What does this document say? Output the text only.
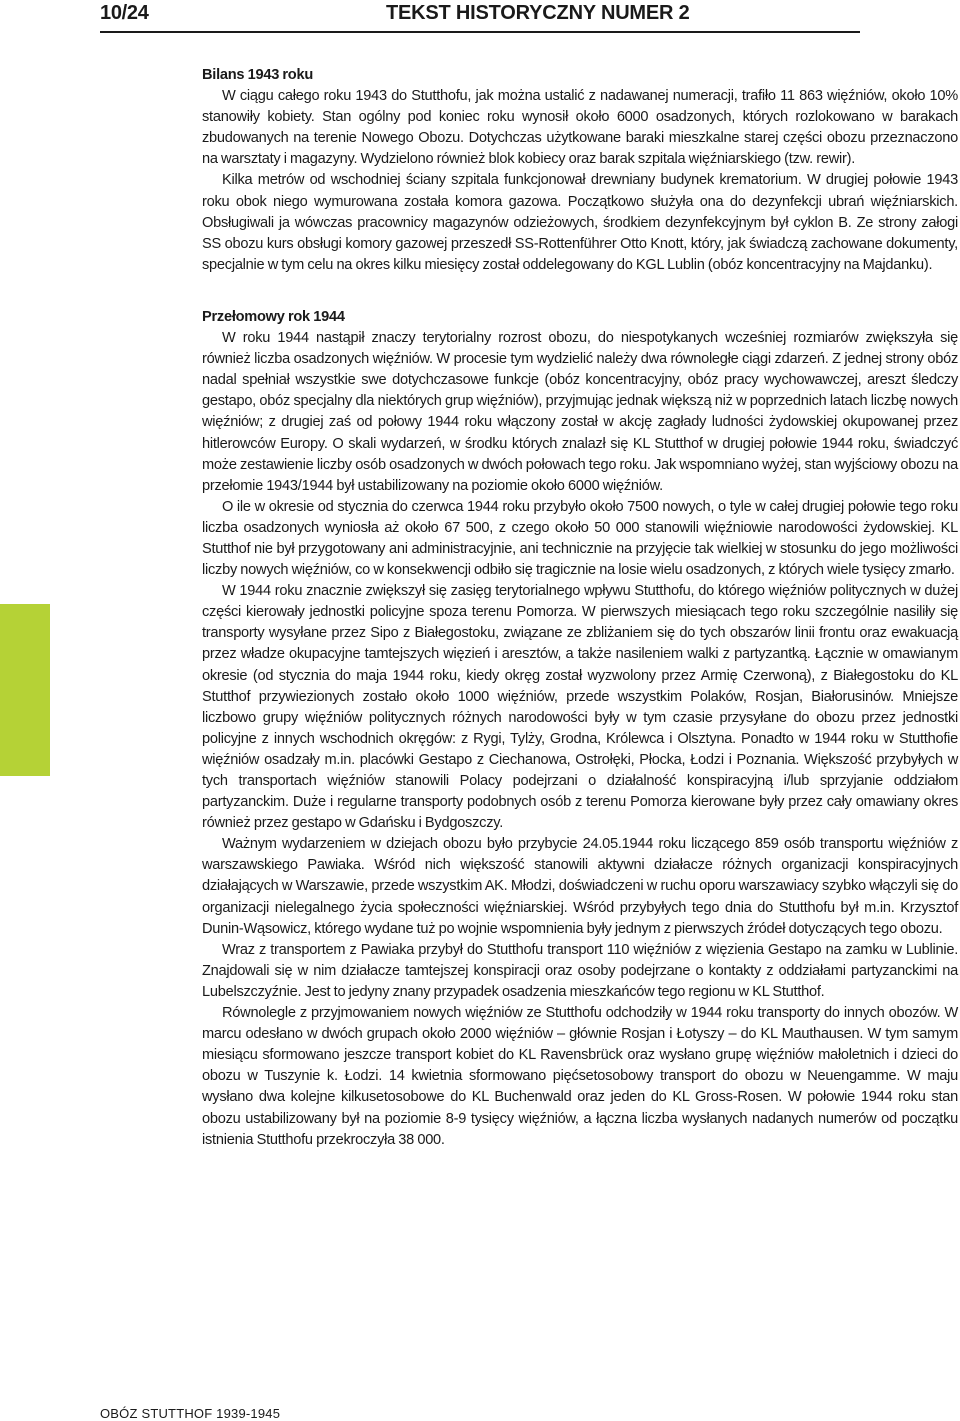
10/24	TEKST HISTORYCZNY NUMER 2
Bilans 1943 roku

W ciągu całego roku 1943 do Stutthofu, jak można ustalić z nadawanej numeracji, trafiło 11 863 więźniów, około 10% stanowiły kobiety. Stan ogólny pod koniec roku wynosił około 6000 osadzonych, których rozlokowano w barakach zbudowanych na terenie Nowego Obozu. Dotychczas użytkowane baraki mieszkalne starej części obozu przeznaczono na warsztaty i magazyny. Wydzielono również blok kobiecy oraz barak szpitala więźniarskiego (tzw. rewir).

Kilka metrów od wschodniej ściany szpitala funkcjonował drewniany budynek krematorium. W drugiej połowie 1943 roku obok niego wymurowana została komora gazowa. Początkowo służyła ona do dezynfekcji ubrań więźniarskich. Obsługiwali ja wówczas pracownicy magazynów odzieżowych, środkiem dezynfekcyjnym był cyklon B. Ze strony załogi SS obozu kurs obsługi komory gazowej przeszedł SS-Rottenführer Otto Knott, który, jak świadczą zachowane dokumenty, specjalnie w tym celu na okres kilku miesięcy został oddelegowany do KGL Lublin (obóz koncentracyjny na Majdanku).

Przełomowy rok 1944

W roku 1944 nastąpił znaczy terytorialny rozrost obozu, do niespotykanych wcześniej rozmiarów zwiększyła się również liczba osadzonych więźniów. W procesie tym wydzielić należy dwa równoległe ciągi zdarzeń. Z jednej strony obóz nadal spełniał wszystkie swe dotychczasowe funkcje (obóz koncentracyjny, obóz pracy wychowawczej, areszt śledczy gestapo, obóz specjalny dla niektórych grup więźniów), przyjmując jednak większą niż w poprzednich latach liczbę nowych więźniów; z drugiej zaś od połowy 1944 roku włączony został w akcję zagłady ludności żydowskiej okupowanej przez hitlerowców Europy. O skali wydarzeń, w środku których znalazł się KL Stutthof w drugiej połowie 1944 roku, świadczyć może zestawienie liczby osób osadzonych w dwóch połowach tego roku. Jak wspomniano wyżej, stan wyjściowy obozu na przełomie 1943/1944 był ustabilizowany na poziomie około 6000 więźniów.

O ile w okresie od stycznia do czerwca 1944 roku przybyło około 7500 nowych, o tyle w całej drugiej połowie tego roku liczba osadzonych wyniosła aż około 67 500, z czego około 50 000 stanowili więźniowie narodowości żydowskiej. KL Stutthof nie był przygotowany ani administracyjnie, ani technicznie na przyjęcie tak wielkiej w stosunku do jego możliwości liczby nowych więźniów, co w konsekwencji odbiło się tragicznie na losie wielu osadzonych, z których wiele tysięcy zmarło.

W 1944 roku znacznie zwiększył się zasięg terytorialnego wpływu Stutthofu, do którego więźniów politycznych w dużej części kierowały jednostki policyjne spoza terenu Pomorza. W pierwszych miesiącach tego roku szczególnie nasiliły się transporty wysyłane przez Sipo z Białegostoku, związane ze zbliżaniem się do tych obszarów linii frontu oraz ewakuacją przez władze okupacyjne tamtejszych więzień i aresztów, a także nasileniem walki z partyzantką. Łącznie w omawianym okresie (od stycznia do maja 1944 roku, kiedy okręg został wyzwolony przez Armię Czerwoną), z Białegostoku do KL Stutthof przywiezionych zostało około 1000 więźniów, przede wszystkim Polaków, Rosjan, Białorusinów. Mniejsze liczbowo grupy więźniów politycznych różnych narodowości były w tym czasie przysyłane do obozu przez jednostki policyjne z innych wschodnich okręgów: z Rygi, Tylży, Grodna, Królewca i Olsztyna. Ponadto w 1944 roku w Stutthofie więźniów osadzały m.in. placówki Gestapo z Ciechanowa, Ostrołęki, Płocka, Łodzi i Poznania. Większość przybyłych w tych transportach więźniów stanowili Polacy podejrzani o działalność konspiracyjną i/lub sprzyjanie oddziałom partyzanckim. Duże i regularne transporty podobnych osób z terenu Pomorza kierowane były przez cały omawiany okres również przez gestapo w Gdańsku i Bydgoszczy.

Ważnym wydarzeniem w dziejach obozu było przybycie 24.05.1944 roku liczącego 859 osób transportu więźniów z warszawskiego Pawiaka. Wśród nich większość stanowili aktywni działacze różnych organizacji konspiracyjnych działających w Warszawie, przede wszystkim AK. Młodzi, doświadczeni w ruchu oporu warszawiacy szybko włączyli się do organizacji nielegalnego życia społeczności więźniarskiej. Wśród przybyłych tego dnia do Stutthofu był m.in. Krzysztof Dunin-Wąsowicz, którego wydane tuż po wojnie wspomnienia były jednym z pierwszych źródeł dotyczących tego obozu.

Wraz z transportem z Pawiaka przybył do Stutthofu transport 110 więźniów z więzienia Gestapo na zamku w Lublinie. Znajdowali się w nim działacze tamtejszej konspiracji oraz osoby podejrzane o kontakty z oddziałami partyzanckimi na Lubelszczyźnie. Jest to jedyny znany przypadek osadzenia mieszkańców tego regionu w KL Stutthof.

Równolegle z przyjmowaniem nowych więźniów ze Stutthofu odchodziły w 1944 roku transporty do innych obozów. W marcu odesłano w dwóch grupach około 2000 więźniów – głównie Rosjan i Łotyszy – do KL Mauthausen. W tym samym miesiącu sformowano jeszcze transport kobiet do KL Ravensbrück oraz wysłano grupę więźniów małoletnich i dzieci do obozu w Tuszynie k. Łodzi. 14 kwietnia sformowano pięćsetosobowy transport do obozu w Neuengamme. W maju wysłano dwa kolejne kilkusetosobowe do KL Buchenwald oraz jeden do KL Gross-Rosen. W połowie 1944 roku stan obozu ustabilizowany był na poziomie 8-9 tysięcy więźniów, a łączna liczba wysłanych nadanych numerów od początku istnienia Stutthofu przekroczyła 38 000.

OBÓZ STUTTHOF 1939-1945
